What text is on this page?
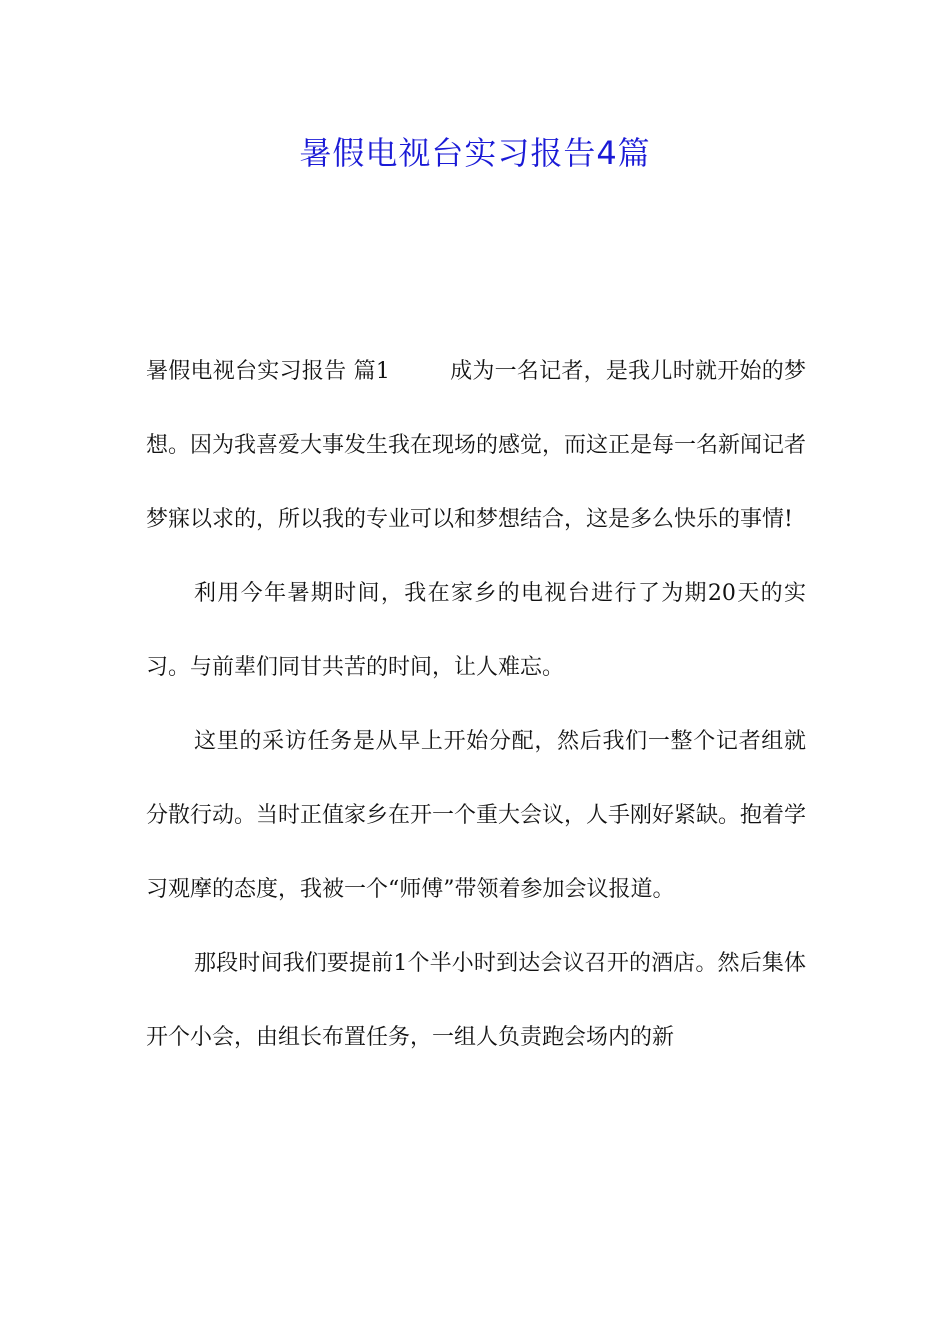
暑假电视台实习报告4篇

暑假电视台实习报告 篇1	成为一名记者，是我儿时就开始的梦想。因为我喜爱大事发生我在现场的感觉，而这正是每一名新闻记者梦寐以求的，所以我的专业可以和梦想结合，这是多么快乐的事情!

利用今年暑期时间，我在家乡的电视台进行了为期20天的实习。与前辈们同甘共苦的时间，让人难忘。

这里的采访任务是从早上开始分配，然后我们一整个记者组就分散行动。当时正值家乡在开一个重大会议，人手刚好紧缺。抱着学习观摩的态度，我被一个“师傅”带领着参加会议报道。

那段时间我们要提前1个半小时到达会议召开的酒店。然后集体开个小会，由组长布置任务，一组人负责跑会场内的新
